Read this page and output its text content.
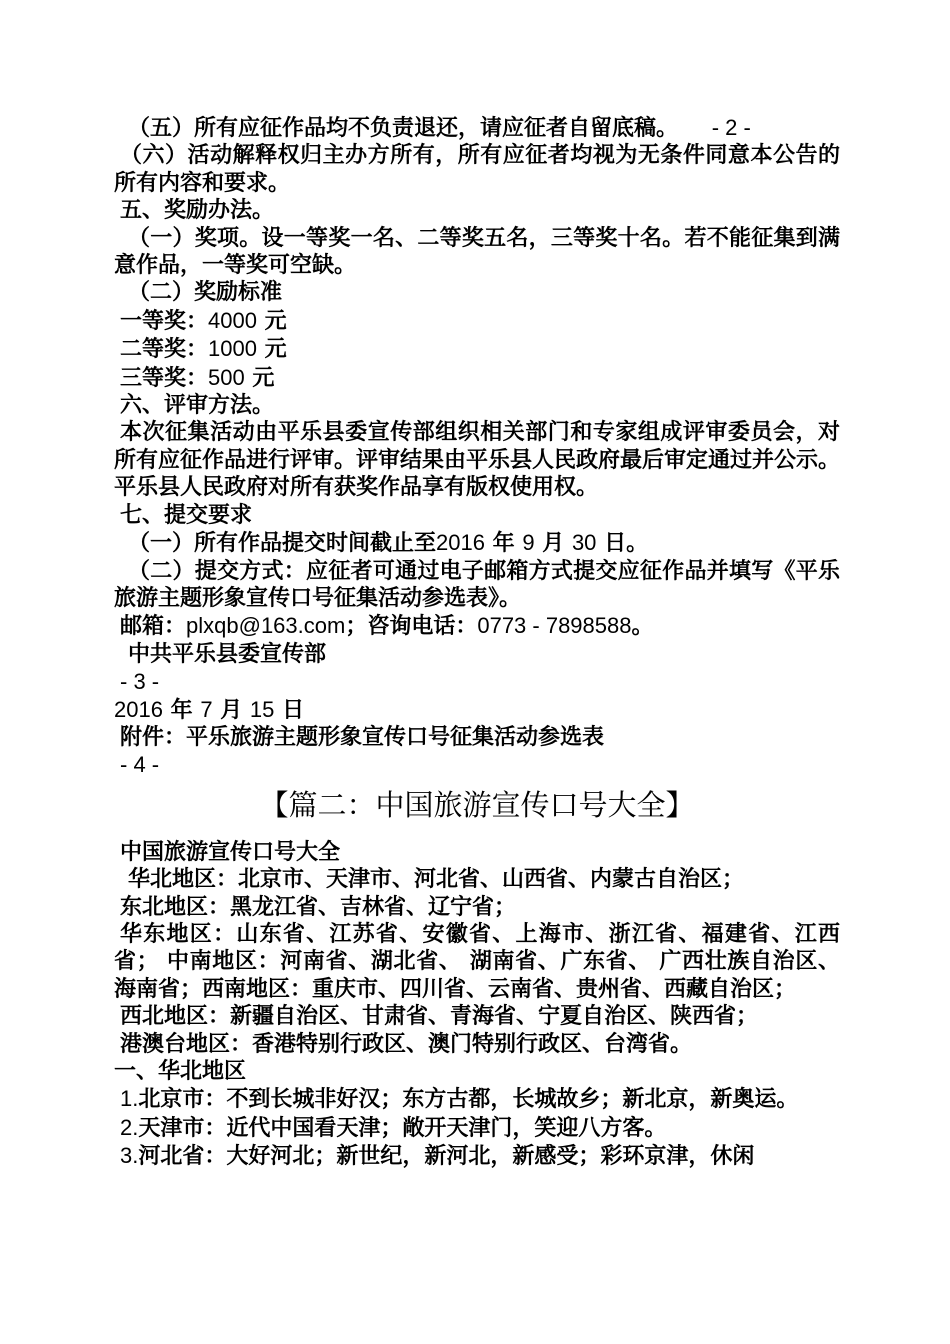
（五）所有应征作品均不负责退还，请应征者自留底稿。 - 2 -
（六）活动解释权归主办方所有，所有应征者均视为无条件同意本公告的所有内容和要求。
五、奖励办法。
（一）奖项。设一等奖一名、二等奖五名，三等奖十名。若不能征集到满意作品，一等奖可空缺。
（二）奖励标准
一等奖：4000 元
二等奖：1000 元
三等奖：500 元
六、评审方法。
本次征集活动由平乐县委宣传部组织相关部门和专家组成评审委员会，对所有应征作品进行评审。评审结果由平乐县人民政府最后审定通过并公示。平乐县人民政府对所有获奖作品享有版权使用权。
七、提交要求
（一）所有作品提交时间截止至2016 年 9 月 30 日。
（二）提交方式：应征者可通过电子邮箱方式提交应征作品并填写《平乐旅游主题形象宣传口号征集活动参选表》。
邮箱：plxqb@163.com；咨询电话：0773 - 7898588。
中共平乐县委宣传部
- 3 -
2016 年 7 月 15 日
附件：平乐旅游主题形象宣传口号征集活动参选表
- 4 -
【篇二：中国旅游宣传口号大全】
中国旅游宣传口号大全
华北地区：北京市、天津市、河北省、山西省、内蒙古自治区；
东北地区：黑龙江省、吉林省、辽宁省；
华东地区：山东省、江苏省、安徽省、上海市、浙江省、福建省、江西省； 中南地区：河南省、湖北省、 湖南省、广东省、 广西壮族自治区、海南省；西南地区：重庆市、四川省、云南省、贵州省、西藏自治区；
西北地区：新疆自治区、甘肃省、青海省、宁夏自治区、陕西省；
港澳台地区：香港特别行政区、澳门特别行政区、台湾省。
一、华北地区
1.北京市：不到长城非好汉；东方古都，长城故乡；新北京，新奥运。
2.天津市：近代中国看天津；敞开天津门，笑迎八方客。
3.河北省：大好河北；新世纪，新河北，新感受；彩环京津，休闲
